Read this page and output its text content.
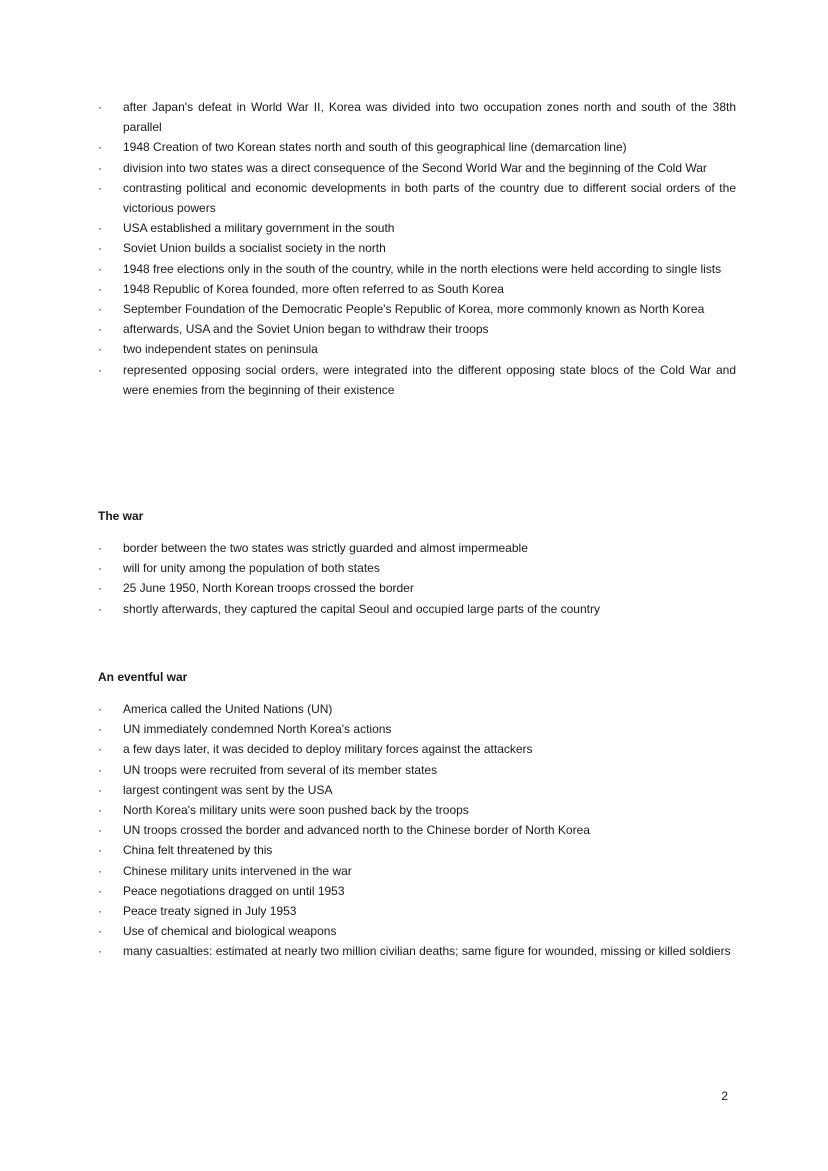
· after Japan's defeat in World War II, Korea was divided into two occupation zones north and south of the 38th parallel
· 1948 Creation of two Korean states north and south of this geographical line (demarcation line)
· division into two states was a direct consequence of the Second World War and the beginning of the Cold War
· contrasting political and economic developments in both parts of the country due to different social orders of the victorious powers
· USA established a military government in the south
· Soviet Union builds a socialist society in the north
· 1948 free elections only in the south of the country, while in the north elections were held according to single lists
· 1948 Republic of Korea founded, more often referred to as South Korea
· September Foundation of the Democratic People's Republic of Korea, more commonly known as North Korea
· afterwards, USA and the Soviet Union began to withdraw their troops
· two independent states on peninsula
· represented opposing social orders, were integrated into the different opposing state blocs of the Cold War and were enemies from the beginning of their existence
The war
· border between the two states was strictly guarded and almost impermeable
· will for unity among the population of both states
· 25 June 1950, North Korean troops crossed the border
· shortly afterwards, they captured the capital Seoul and occupied large parts of the country
An eventful war
· America called the United Nations (UN)
· UN immediately condemned North Korea's actions
· a few days later, it was decided to deploy military forces against the attackers
· UN troops were recruited from several of its member states
· largest contingent was sent by the USA
· North Korea's military units were soon pushed back by the troops
· UN troops crossed the border and advanced north to the Chinese border of North Korea
· China felt threatened by this
· Chinese military units intervened in the war
· Peace negotiations dragged on until 1953
· Peace treaty signed in July 1953
· Use of chemical and biological weapons
· many casualties: estimated at nearly two million civilian deaths; same figure for wounded, missing or killed soldiers
2
